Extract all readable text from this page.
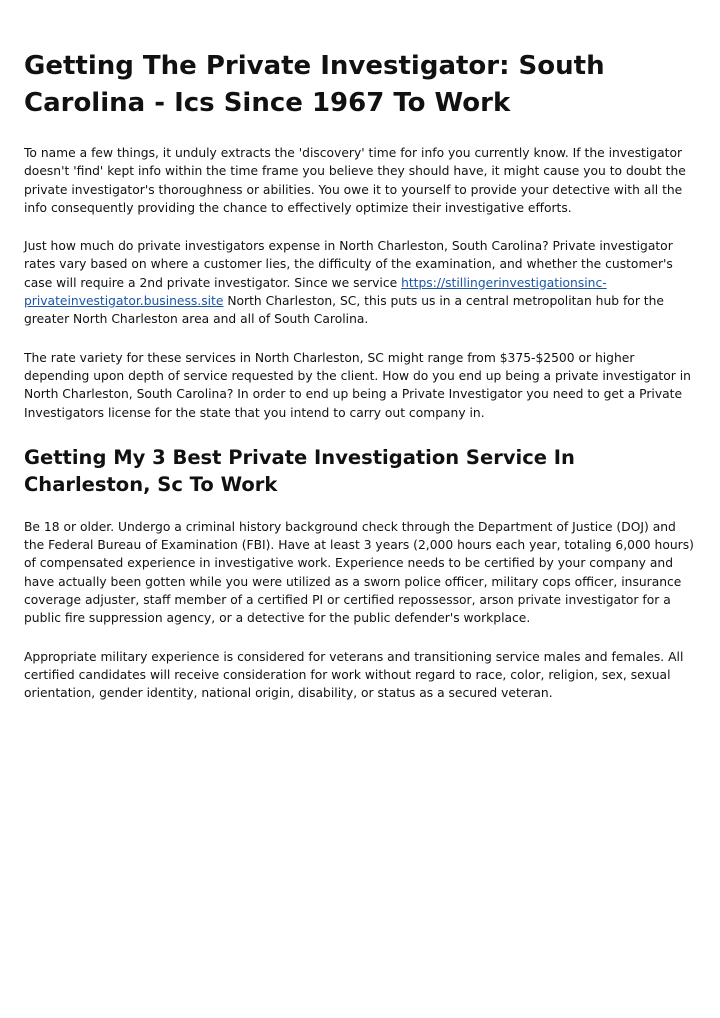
Getting The Private Investigator: South Carolina - Ics Since 1967 To Work

To name a few things, it unduly extracts the 'discovery' time for info you currently know. If the investigator doesn't 'find' kept info within the time frame you believe they should have, it might cause you to doubt the private investigator's thoroughness or abilities. You owe it to yourself to provide your detective with all the info consequently providing the chance to effectively optimize their investigative efforts.

Just how much do private investigators expense in North Charleston, South Carolina? Private investigator rates vary based on where a customer lies, the difficulty of the examination, and whether the customer's case will require a 2nd private investigator. Since we service https://stillingerinvestigationsinc-privateinvestigator.business.site North Charleston, SC, this puts us in a central metropolitan hub for the greater North Charleston area and all of South Carolina.

The rate variety for these services in North Charleston, SC might range from $375-$2500 or higher depending upon depth of service requested by the client. How do you end up being a private investigator in North Charleston, South Carolina? In order to end up being a Private Investigator you need to get a Private Investigators license for the state that you intend to carry out company in.

Getting My 3 Best Private Investigation Service In Charleston, Sc To Work

Be 18 or older. Undergo a criminal history background check through the Department of Justice (DOJ) and the Federal Bureau of Examination (FBI). Have at least 3 years (2,000 hours each year, totaling 6,000 hours) of compensated experience in investigative work. Experience needs to be certified by your company and have actually been gotten while you were utilized as a sworn police officer, military cops officer, insurance coverage adjuster, staff member of a certified PI or certified repossessor, arson private investigator for a public fire suppression agency, or a detective for the public defender's workplace.

Appropriate military experience is considered for veterans and transitioning service males and females. All certified candidates will receive consideration for work without regard to race, color, religion, sex, sexual orientation, gender identity, national origin, disability, or status as a secured veteran.
